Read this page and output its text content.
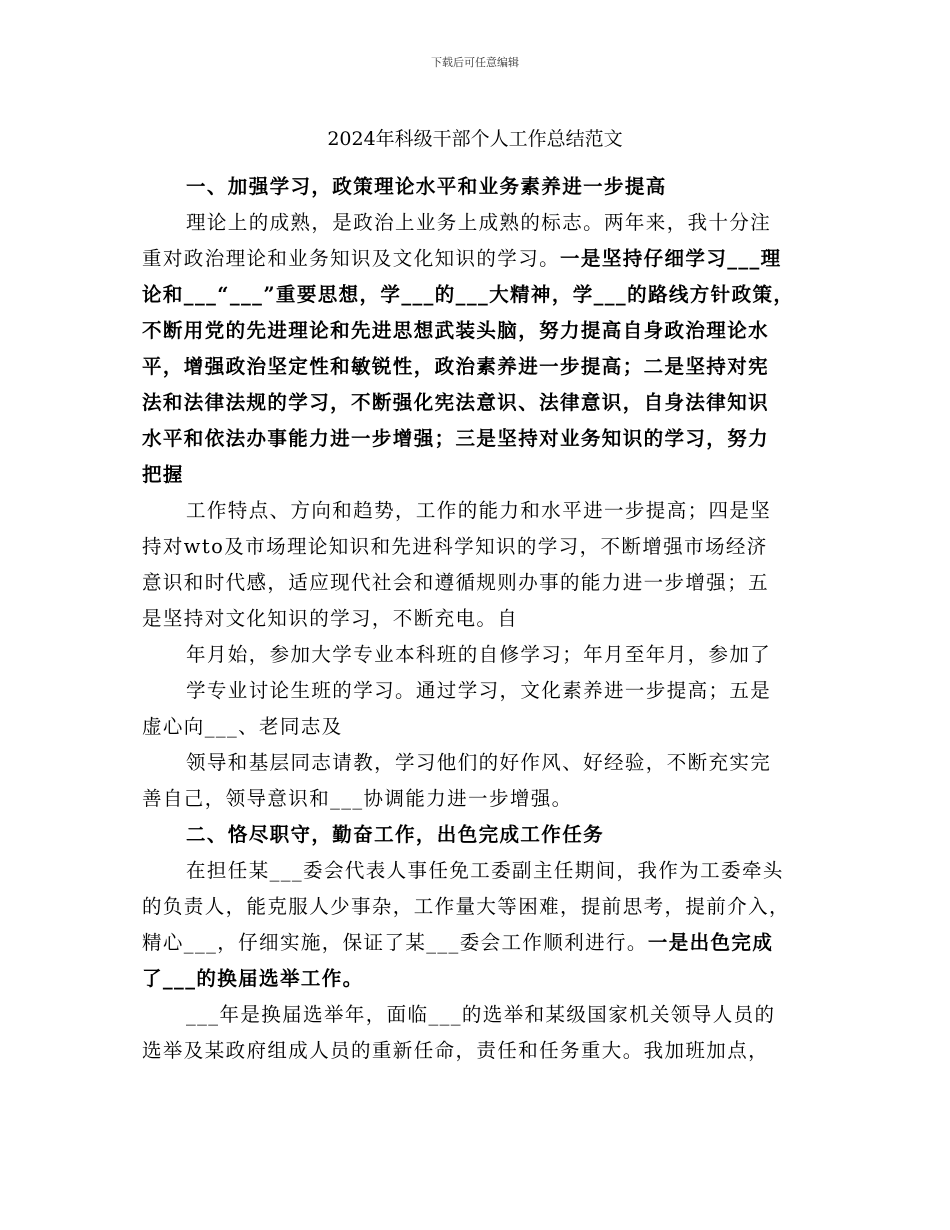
下载后可任意编辑
2024年科级干部个人工作总结范文
一、加强学习，政策理论水平和业务素养进一步提高
理论上的成熟，是政治上业务上成熟的标志。两年来，我十分注
重对政治理论和业务知识及文化知识的学习。一是坚持仔细学习___理
论和___“___”重要思想，学___的___大精神，学___的路线方针政策，
不断用党的先进理论和先进思想武装头脑，努力提高自身政治理论水
平，增强政治坚定性和敏锐性，政治素养进一步提高；二是坚持对宪
法和法律法规的学习，不断强化宪法意识、法律意识，自身法律知识
水平和依法办事能力进一步增强；三是坚持对业务知识的学习，努力
把握
工作特点、方向和趋势，工作的能力和水平进一步提高；四是坚
持对wto及市场理论知识和先进科学知识的学习，不断增强市场经济
意识和时代感，适应现代社会和遵循规则办事的能力进一步增强；五
是坚持对文化知识的学习，不断充电。自
年月始，参加大学专业本科班的自修学习；年月至年月，参加了
学专业讨论生班的学习。通过学习，文化素养进一步提高；五是
虚心向___、老同志及
领导和基层同志请教，学习他们的好作风、好经验，不断充实完
善自己，领导意识和___协调能力进一步增强。
二、恪尽职守，勤奋工作，出色完成工作任务
在担任某___委会代表人事任免工委副主任期间，我作为工委牵头
的负责人，能克服人少事杂，工作量大等困难，提前思考，提前介入，
精心___，仔细实施，保证了某___委会工作顺利进行。一是出色完成
了___的换届选举工作。
___年是换届选举年，面临___的选举和某级国家机关领导人员的
选举及某政府组成人员的重新任命，责任和任务重大。我加班加点，
